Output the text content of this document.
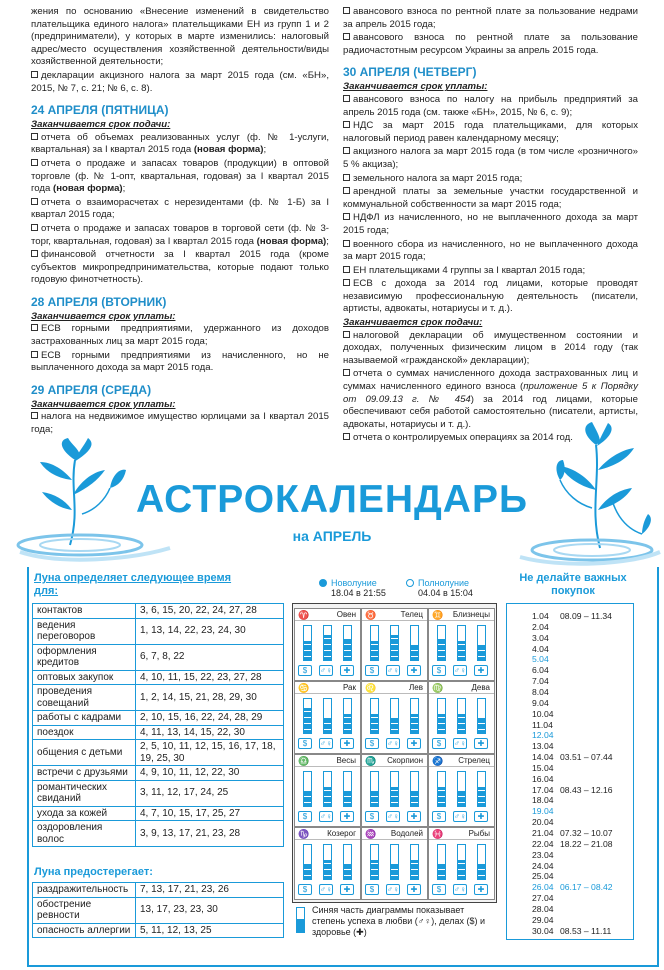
жения по основанию «Внесение изменений в свидетельство плательщика единого налога» плательщиками ЕН из групп 1 и 2 (предприниматели), у которых в марте изменились: налоговый адрес/место осуществления хозяйственной деятельности/виды хозяйственной деятельности;

декларации акцизного налога за март 2015 года (см. «БН», 2015, № 7, с. 21; № 6, с. 8).

24 АПРЕЛЯ (ПЯТНИЦА)
Заканчивается срок подачи:

отчета об объемах реализованных услуг (ф. № 1-услуги, квартальная) за I квартал 2015 года (новая форма);

отчета о продаже и запасах товаров (продукции) в оптовой торговле (ф. № 1-опт, квартальная, годовая) за I квартал 2015 года (новая форма);

отчета о взаиморасчетах с нерезидентами (ф. № 1-Б) за I квартал 2015 года;

отчета о продаже и запасах товаров в торговой сети (ф. № 3-торг, квартальная, годовая) за I квартал 2015 года (новая форма);

финансовой отчетности за I квартал 2015 года (кроме субъектов микропредпринимательства, которые подают только годовую финотчетность).

28 АПРЕЛЯ (ВТОРНИК)
Заканчивается срок уплаты:

ЕСВ горными предприятиями, удержанного из доходов застрахованных лиц за март 2015 года;

ЕСВ горными предприятиями из начисленного, но не выплаченного дохода за март 2015 года.

29 АПРЕЛЯ (СРЕДА)
Заканчивается срок уплаты:

налога на недвижимое имущество юрлицами за I квартал 2015 года;

авансового взноса по рентной плате за пользование недрами за апрель 2015 года;

авансового взноса по рентной плате за пользование радиочастотным ресурсом Украины за апрель 2015 года.

30 АПРЕЛЯ (ЧЕТВЕРГ)
Заканчивается срок уплаты:

авансового взноса по налогу на прибыль предприятий за апрель 2015 года (см. также «БН», 2015, № 6, с. 9);

НДС за март 2015 года плательщиками, для которых налоговый период равен календарному месяцу;

акцизного налога за март 2015 года (в том числе «розничного» 5 % акциза);

земельного налога за март 2015 года;

арендной платы за земельные участки государственной и коммунальной собственности за март 2015 года;

НДФЛ из начисленного, но не выплаченного дохода за март 2015 года;

военного сбора из начисленного, но не выплаченного дохода за март 2015 года;

ЕН плательщиками 4 группы за I квартал 2015 года;

ЕСВ с дохода за 2014 год лицами, которые проводят независимую профессиональную деятельность (писатели, артисты, адвокаты, нотариусы и т. д.).

Заканчивается срок подачи:

налоговой декларации об имущественном состоянии и доходах, полученных физическим лицом в 2014 году (так называемой «гражданской» декларации);

отчета о суммах начисленного дохода застрахованных лиц и суммах начисленного единого взноса (приложение 5 к Порядку от 09.09.13 г. № 454) за 2014 год лицами, которые обеспечивают себя работой самостоятельно (писатели, артисты, адвокаты, нотариусы и т. д.).

отчета о контролируемых операциях за 2014 год.

АСТРОКАЛЕНДАРЬ
на АПРЕЛЬ
Луна определяет следующее время для:
контактов	3, 6, 15, 20, 22, 24, 27, 28
ведения переговоров	1, 13, 14, 22, 23, 24, 30
оформления кредитов	6, 7, 8, 22
оптовых закупок	4, 10, 11, 15, 22, 23, 27, 28
проведения совещаний	1, 2, 14, 15, 21, 28, 29, 30
работы с кадрами	2, 10, 15, 16, 22, 24, 28, 29
поездок	4, 11, 13, 14, 15, 22, 30
общения с детьми	2, 5, 10, 11, 12, 15, 16, 17, 18, 19, 25, 30
встречи с друзьями	4, 9, 10, 11, 12, 22, 30
романтических свиданий	3, 11, 12, 17, 24, 25
ухода за кожей	4, 7, 10, 15, 17, 25, 27
оздоровления волос	3, 9, 13, 17, 21, 23, 28
Луна предостерегает:
раздражительность	7, 13, 17, 21, 23, 26
обострение ревности	13, 17, 23, 23, 30
опасность аллергии	5, 11, 12, 13, 25
Новолуние
18.04 в 21:55
Полнолуние
04.04 в 15:04
♈	Овен
$	♂♀	✚
♉	Телец
$	♂♀	✚
♊ Близнецы
$	♂♀	✚
♋	Рак
$	♂♀	✚
♌	Лев
$	♂♀	✚
♍	Дева
$	♂♀	✚
♎	Весы
$	♂♀	✚
♏ Скорпион
$	♂♀	✚
♐ Стрелец
$	♂♀	✚
♑ Козерог
$	♂♀	✚
♒ Водолей
$	♂♀	✚
♓	Рыбы
$	♂♀	✚
Синяя часть диаграммы показывает степень успеха в любви (♂♀), делах ($) и здоровье (✚)
Не делайте важных покупок
1.04 08.09 – 11.34
2.04
3.04
4.04
5.04
6.04
7.04
8.04
9.04
10.04
11.04
12.04
13.04
14.04 03.51 – 07.44
15.04
16.04
17.04 08.43 – 12.16
18.04
19.04
20.04
21.04 07.32 – 10.07
22.04 18.22 – 21.08
23.04
24.04
25.04
26.04 06.17 – 08.42
27.04
28.04
29.04
30.04 08.53 – 11.11
